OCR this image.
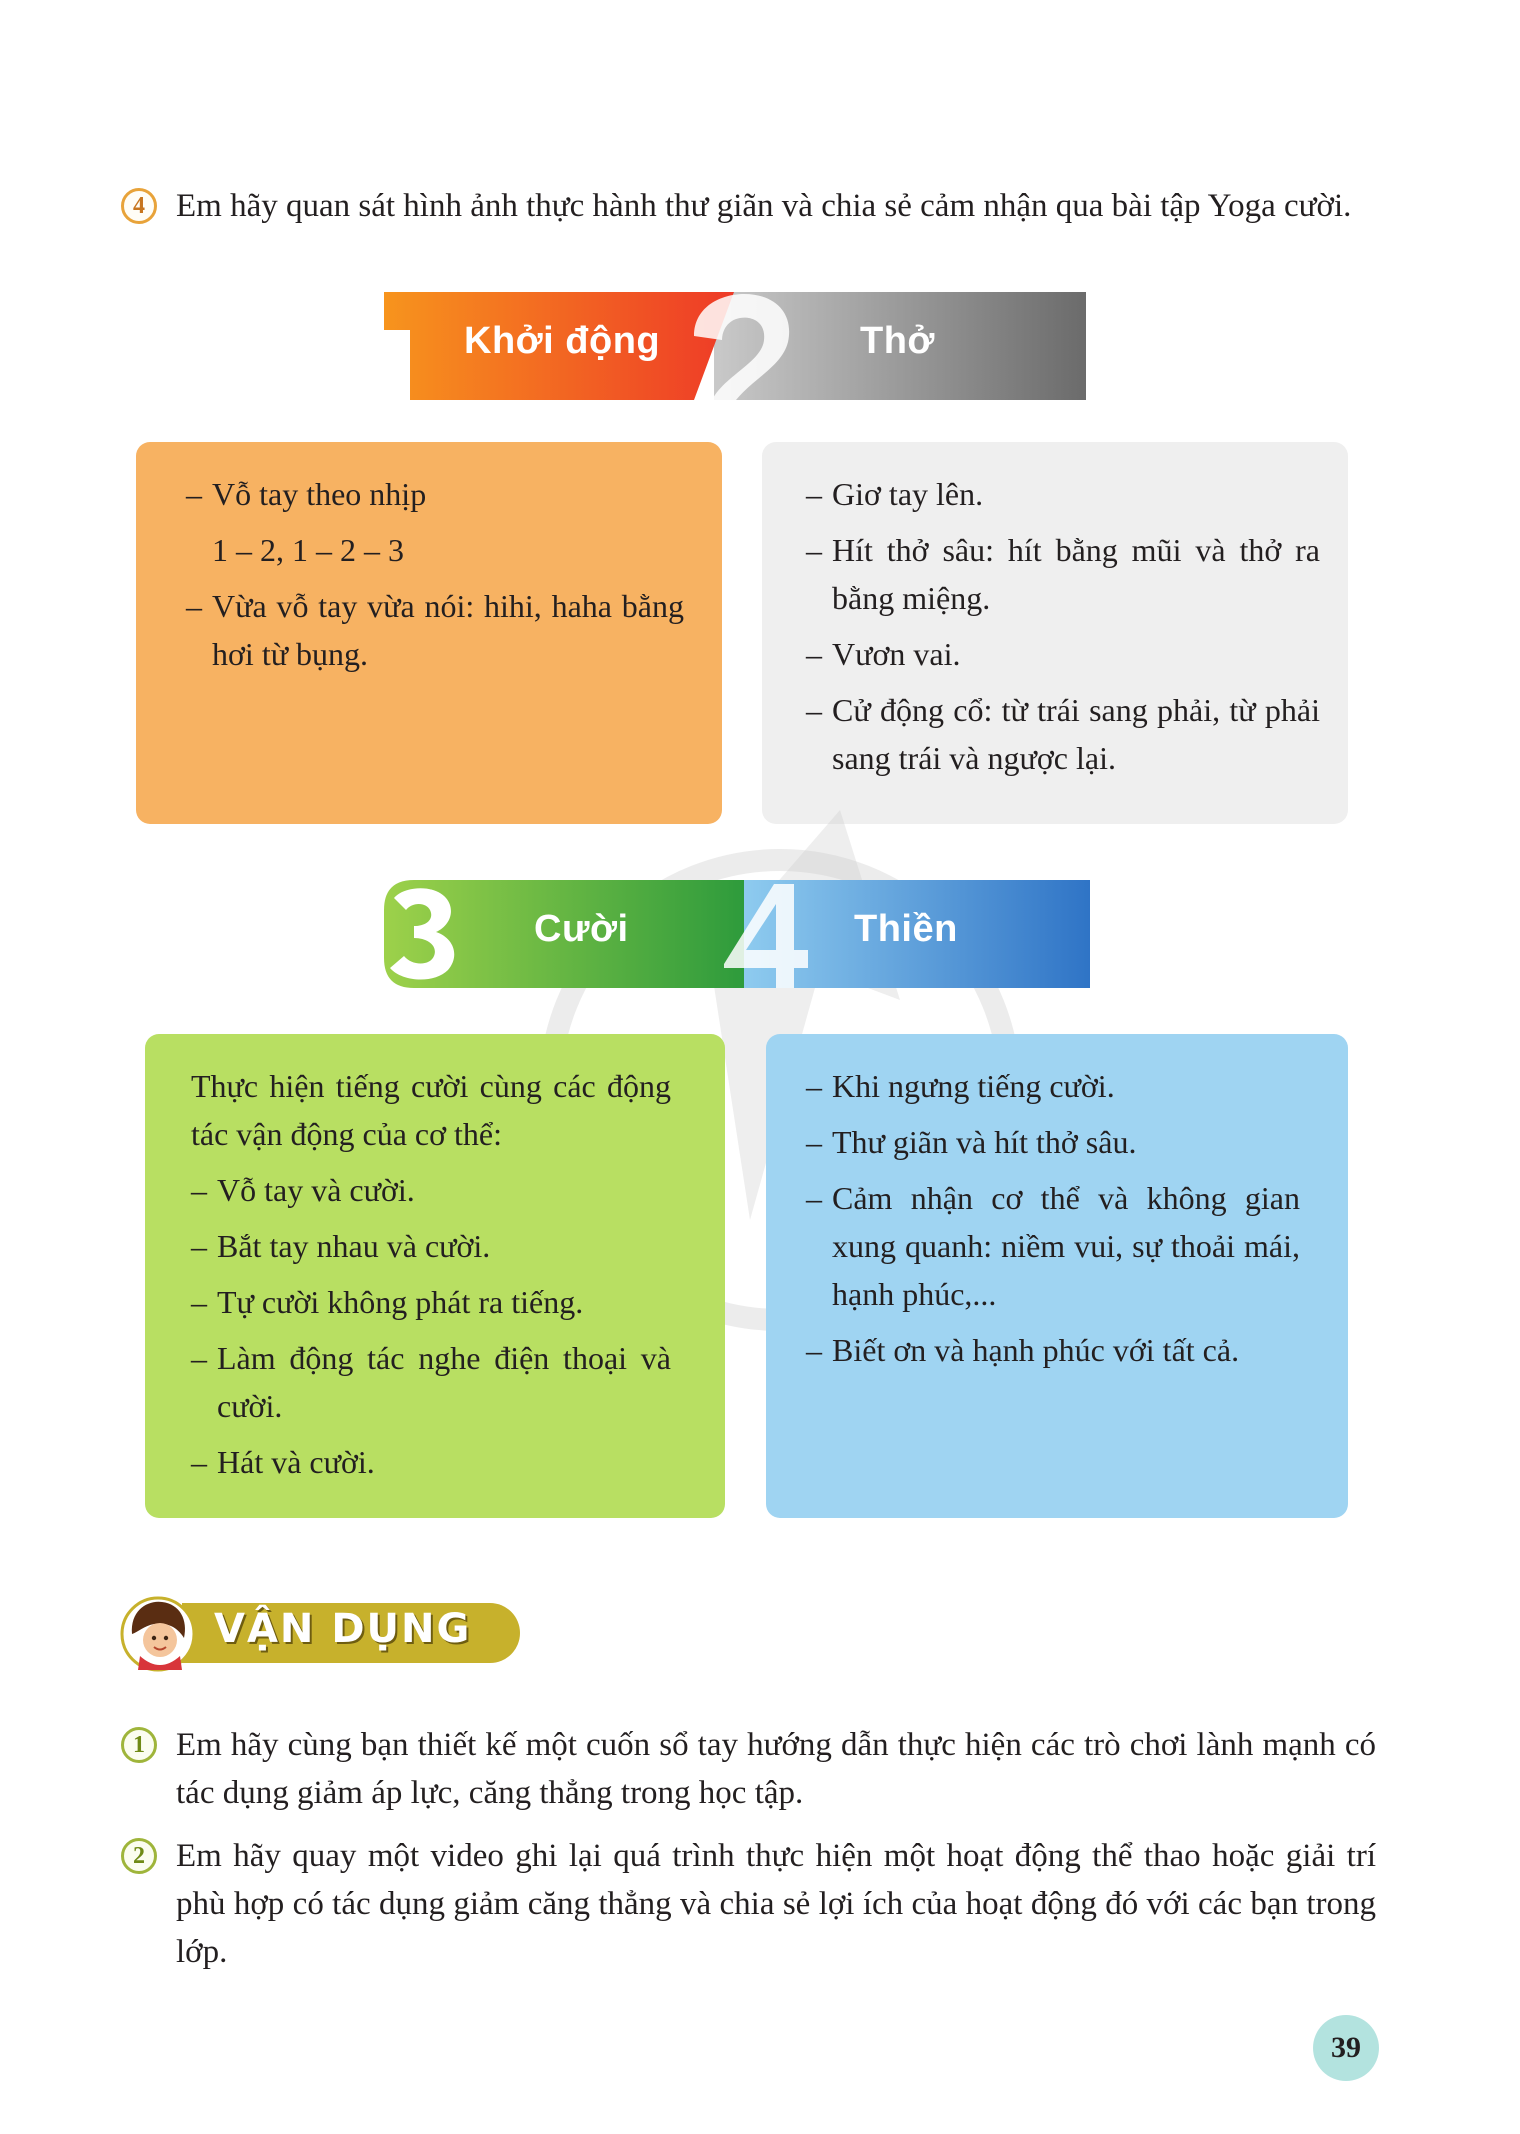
4 Em hãy quan sát hình ảnh thực hành thư giãn và chia sẻ cảm nhận qua bài tập Yoga cười.

Khởi động	Thở
– Vỗ tay theo nhịp

1 – 2, 1 – 2 – 3

– Vừa vỗ tay vừa nói: hihi, haha bằng hơi từ bụng.
– Giơ tay lên.
– Hít thở sâu: hít bằng mũi và thở ra bằng miệng.
– Vươn vai.
– Cử động cổ: từ trái sang phải, từ phải sang trái và ngược lại.
Cười	Thiền

Thực hiện tiếng cười cùng các động tác vận động của cơ thể:

– Vỗ tay và cười.
– Bắt tay nhau và cười.
– Tự cười không phát ra tiếng.
– Làm động tác nghe điện thoại và cười.
– Hát và cười.
– Khi ngưng tiếng cười.
– Thư giãn và hít thở sâu.
– Cảm nhận cơ thể và không gian xung quanh: niềm vui, sự thoải mái, hạnh phúc,...
– Biết ơn và hạnh phúc với tất cả.
VẬN DỤNG
1 Em hãy cùng bạn thiết kế một cuốn sổ tay hướng dẫn thực hiện các trò chơi lành mạnh có tác dụng giảm áp lực, căng thẳng trong học tập.

2 Em hãy quay một video ghi lại quá trình thực hiện một hoạt động thể thao hoặc giải trí phù hợp có tác dụng giảm căng thẳng và chia sẻ lợi ích của hoạt động đó với các bạn trong lớp.

39
